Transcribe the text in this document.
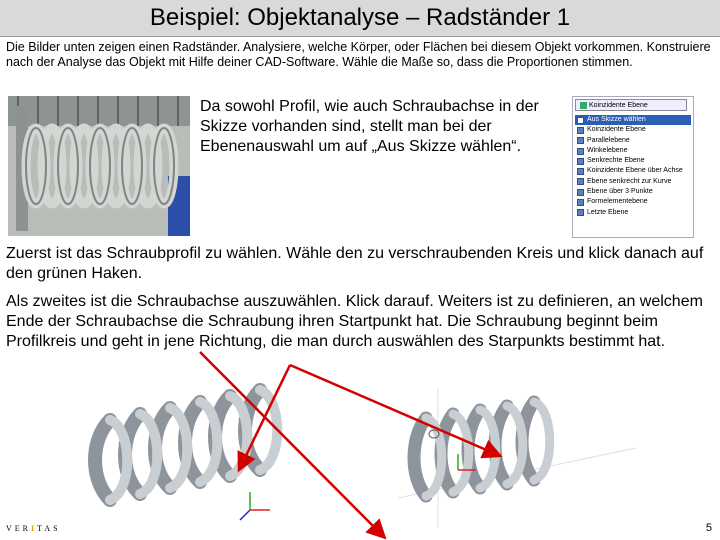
Beispiel: Objektanalyse – Radständer 1
Die Bilder unten zeigen einen Radständer. Analysiere, welche Körper, oder Flächen bei diesem Objekt vorkommen. Konstruiere nach der Analyse das Objekt mit Hilfe deiner CAD-Software. Wähle die Maße so, dass die Proportionen stimmen.
Da sowohl Profil, wie auch Schraubachse in der Skizze vorhanden sind, stellt man bei der Ebenenauswahl um auf „Aus Skizze wählen“.
Koinzidente Ebene
Aus Skizze wählen
Koinzidente Ebene
Parallelebene
Winkelebene
Senkrechte Ebene
Koinzidente Ebene über Achse
Ebene senkrecht zur Kurve
Ebene über 3 Punkte
Formelementebene
Letzte Ebene
Zuerst ist das Schraubprofil zu wählen. Wähle den zu verschraubenden Kreis und klick danach auf den grünen Haken.
Als zweites ist die Schraubachse auszuwählen. Klick darauf. Weiters ist zu definieren, an welchem Ende der Schraubachse die Schraubung ihren Startpunkt hat. Die Schraubung beginnt beim Profilkreis und geht in jene Richtung, die man durch auswählen des Starpunkts bestimmt hat.
VERITAS	5
